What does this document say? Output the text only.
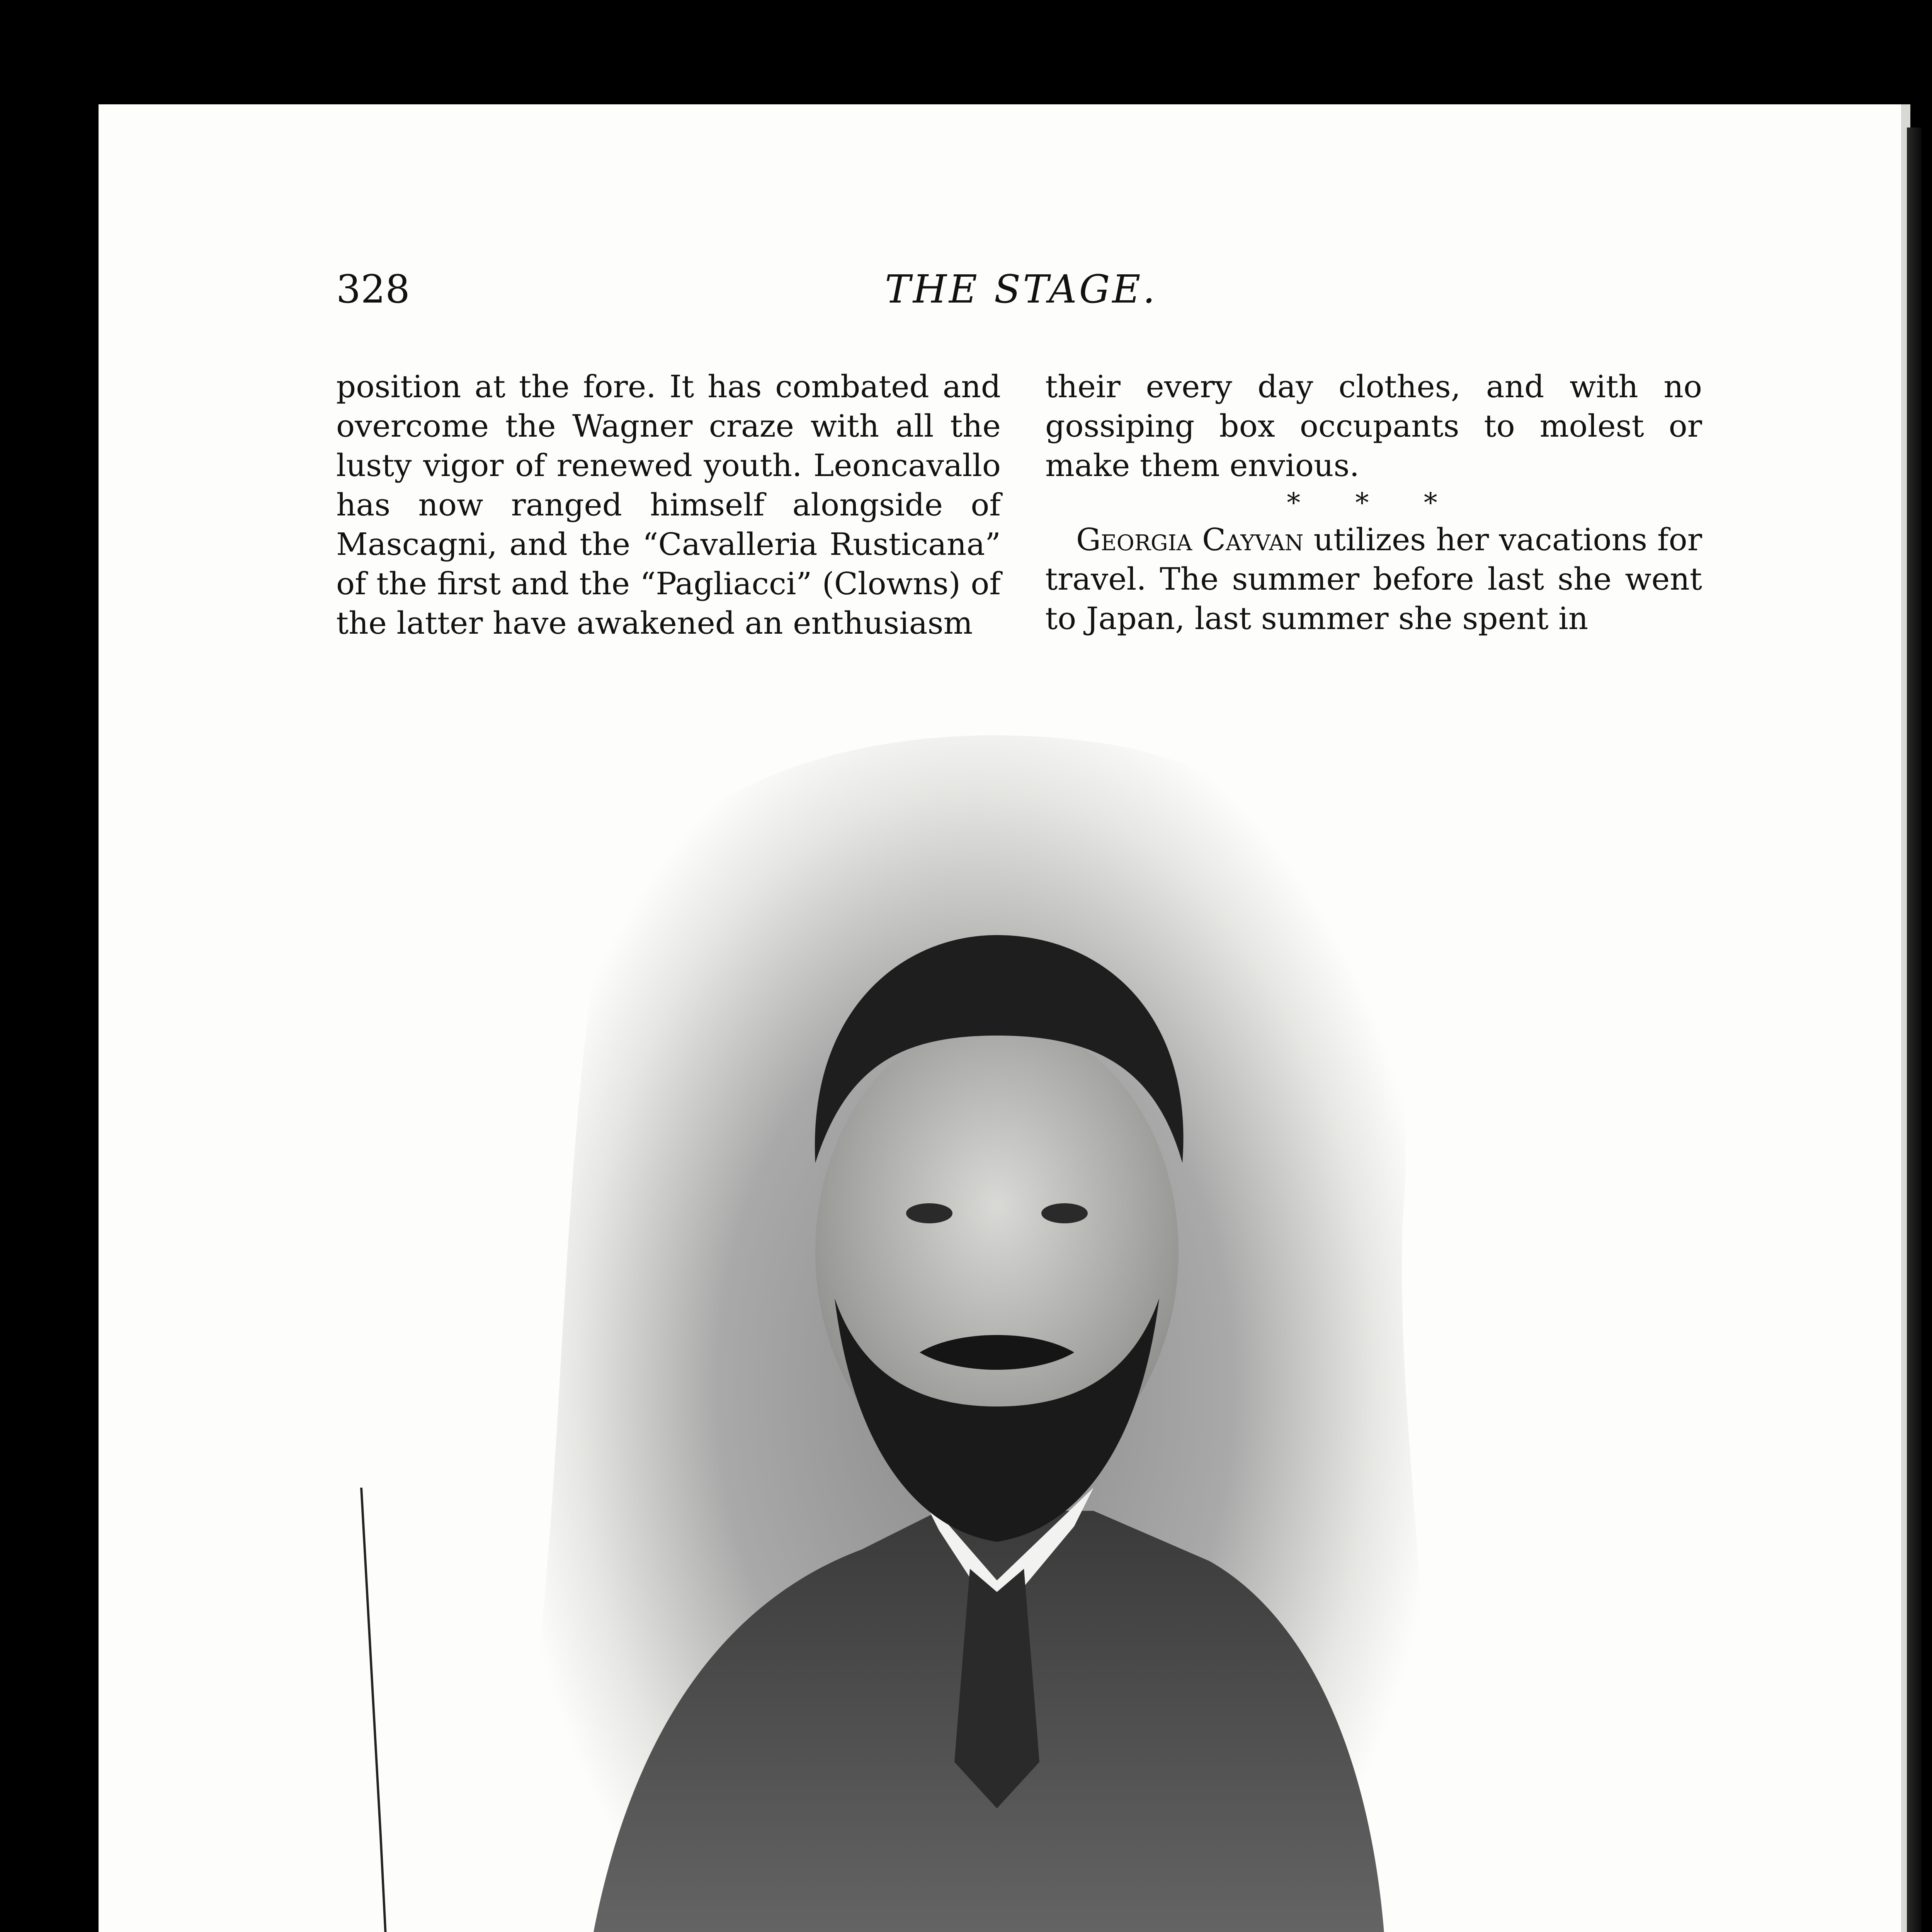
328	THE STAGE.

position at the fore. It has combated and overcome the Wagner craze with all the lusty vigor of renewed youth. Leoncavallo has now ranged himself alongside of Mascagni, and the “Cavalleria Rusticana” of the first and the “Pagliacci” (Clowns) of the latter have awakened an enthusiasm

their every day clothes, and with no gossiping box occupants to molest or make them envious.

* * *

 Georgia Cayvan utilizes her vacations for travel. The summer before last she went to Japan, last summer she spent in
